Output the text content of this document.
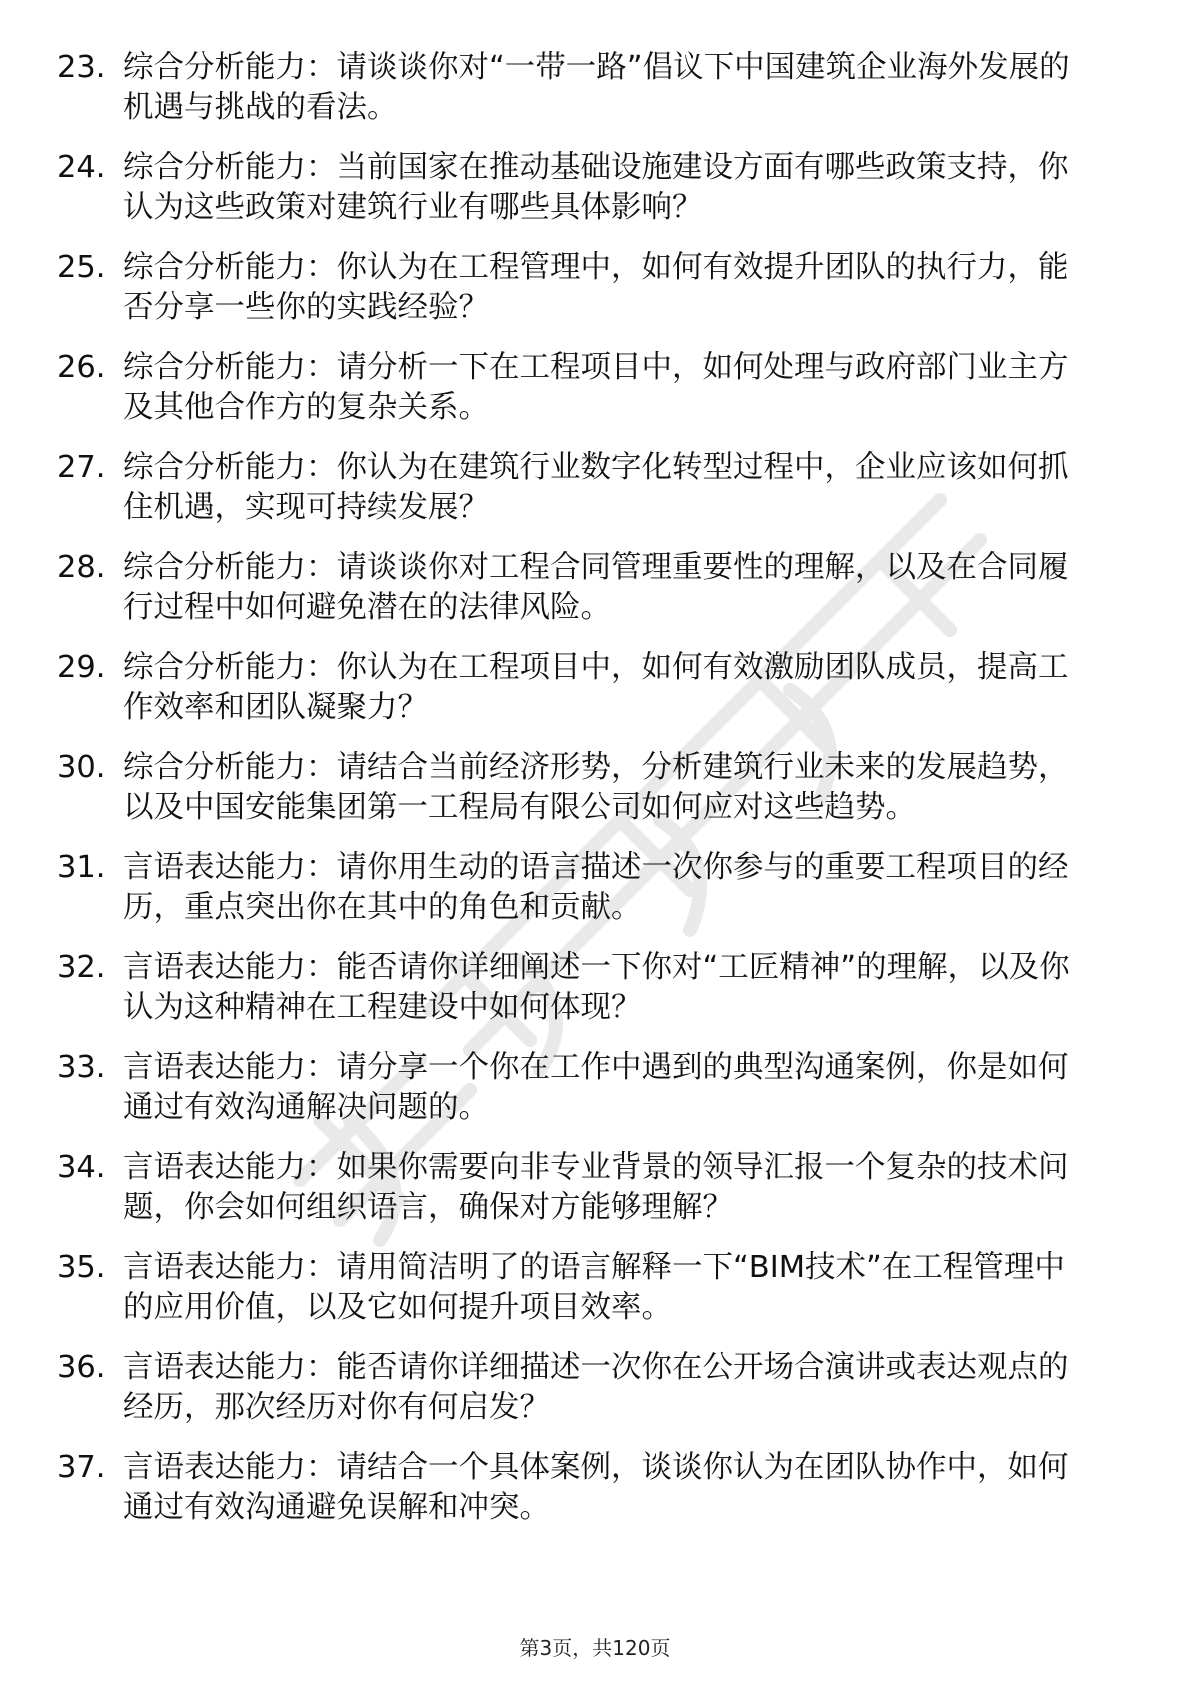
23. 综合分析能力：请谈谈你对“一带一路”倡议下中国建筑企业海外发展的机遇与挑战的看法。
24. 综合分析能力：当前国家在推动基础设施建设方面有哪些政策支持，你认为这些政策对建筑行业有哪些具体影响？
25. 综合分析能力：你认为在工程管理中，如何有效提升团队的执行力，能否分享一些你的实践经验？
26. 综合分析能力：请分析一下在工程项目中，如何处理与政府部门业主方及其他合作方的复杂关系。
27. 综合分析能力：你认为在建筑行业数字化转型过程中，企业应该如何抓住机遇，实现可持续发展？
28. 综合分析能力：请谈谈你对工程合同管理重要性的理解，以及在合同履行过程中如何避免潜在的法律风险。
29. 综合分析能力：你认为在工程项目中，如何有效激励团队成员，提高工作效率和团队凝聚力？
30. 综合分析能力：请结合当前经济形势，分析建筑行业未来的发展趋势，以及中国安能集团第一工程局有限公司如何应对这些趋势。
31. 言语表达能力：请你用生动的语言描述一次你参与的重要工程项目的经历，重点突出你在其中的角色和贡献。
32. 言语表达能力：能否请你详细阐述一下你对“工匠精神”的理解，以及你认为这种精神在工程建设中如何体现？
33. 言语表达能力：请分享一个你在工作中遇到的典型沟通案例，你是如何通过有效沟通解决问题的。
34. 言语表达能力：如果你需要向非专业背景的领导汇报一个复杂的技术问题，你会如何组织语言，确保对方能够理解？
35. 言语表达能力：请用简洁明了的语言解释一下“BIM技术”在工程管理中的应用价值，以及它如何提升项目效率。
36. 言语表达能力：能否请你详细描述一次你在公开场合演讲或表达观点的经历，那次经历对你有何启发？
37. 言语表达能力：请结合一个具体案例，谈谈你认为在团队协作中，如何通过有效沟通避免误解和冲突。
第3页，共120页
